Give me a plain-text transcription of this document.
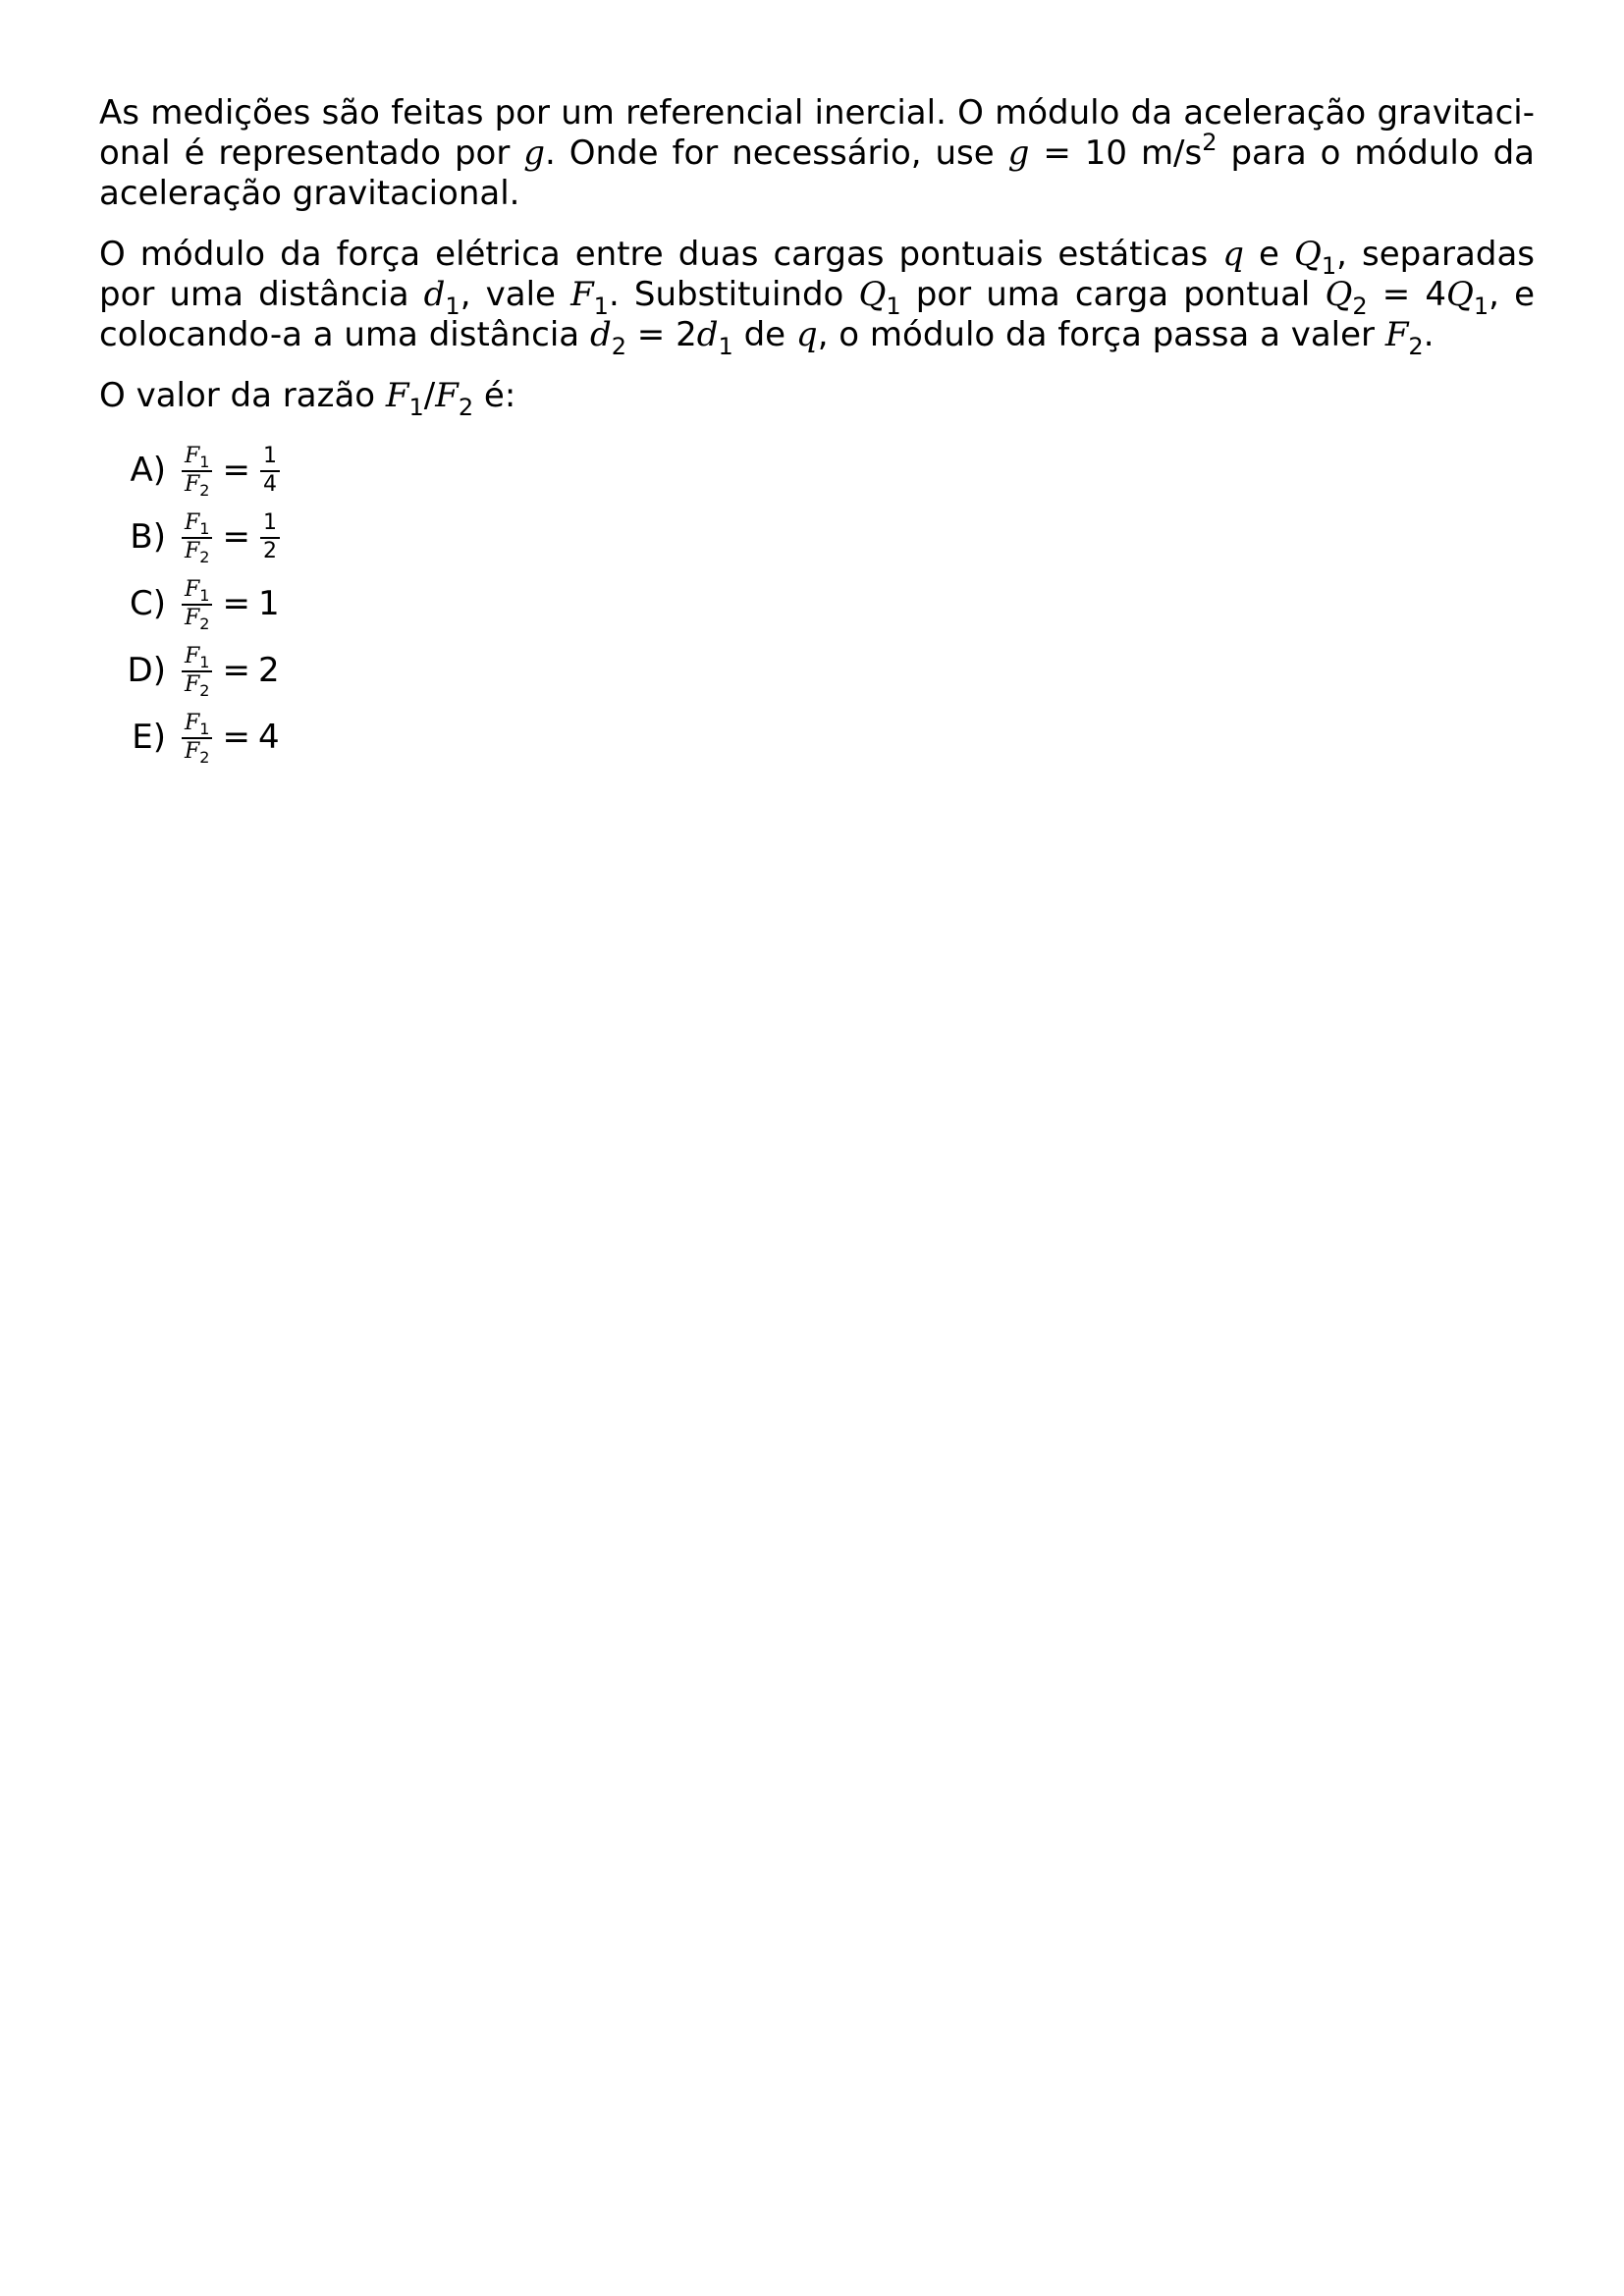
As medições são feitas por um referencial inercial. O módulo da aceleração gravitaci-onal é representado por g. Onde for necessário, use g = 10 $m/s^2$ para o módulo da aceleração gravitacional.

O módulo da força elétrica entre duas cargas pontuais estáticas q e $Q_1$, separadas por uma distância $d_1$, vale $F_1$. Substituindo $Q_1$ por uma carga pontual $Q_2 = 4Q_1$, e colocando-a a uma distância $d_2 = 2d_1$ de q, o módulo da força passa a valer $F_2$.

O valor da razão $F_1/F_2$ é:

$A) \frac{F_1}{F_2} = \frac{1}{4}$
$B) \frac{F_1}{F_2} = \frac{1}{2}$
$C) \frac{F_1}{F_2} = 1$
$D) \frac{F_1}{F_2} = 2$
$E) \frac{F_1}{F_2} = 4$
